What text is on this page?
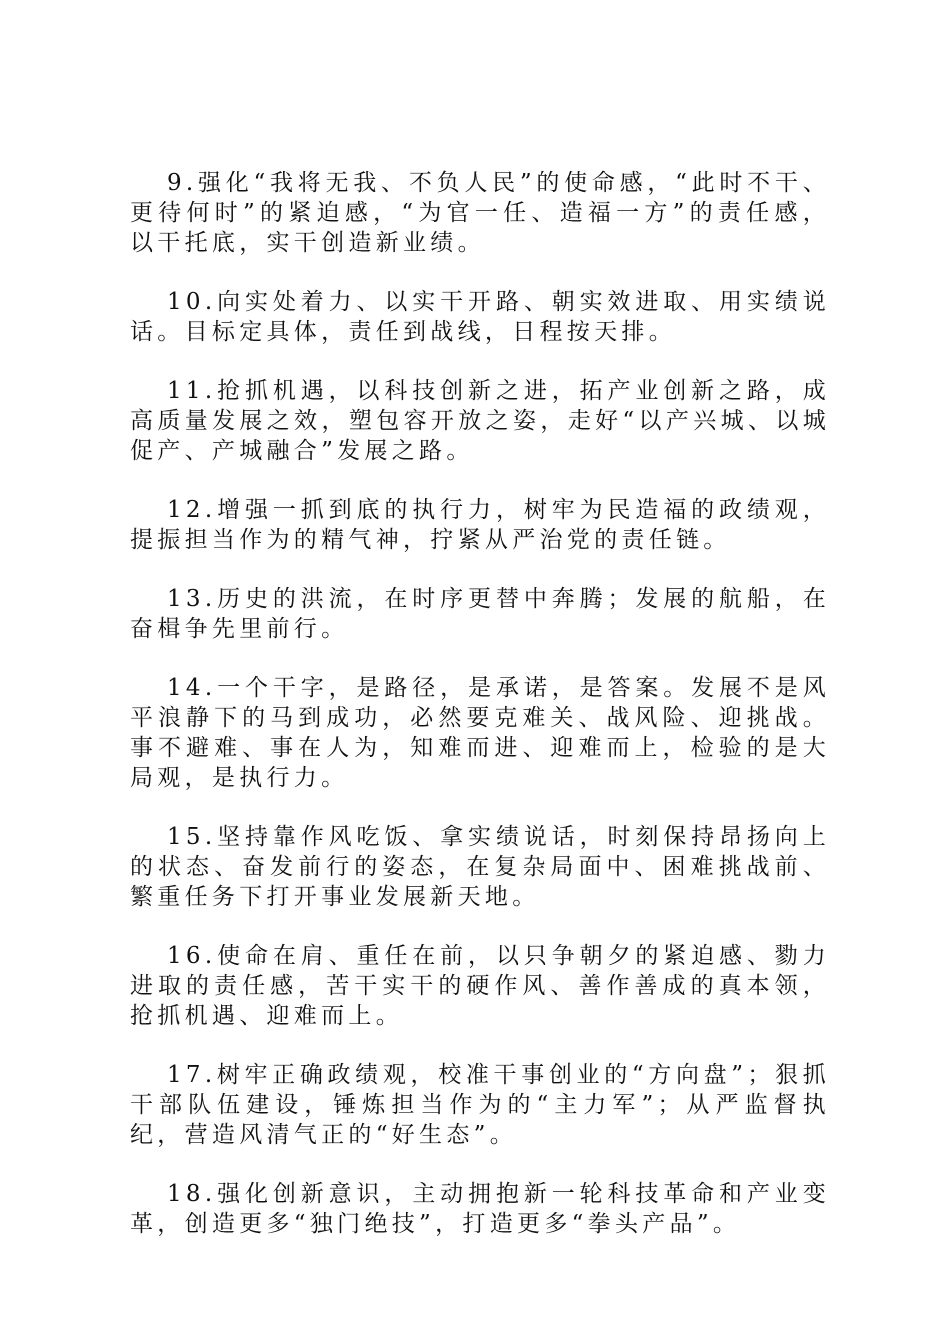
9.强化“我将无我、不负人民”的使命感，“此时不干、更待何时”的紧迫感，“为官一任、造福一方”的责任感，以干托底，实干创造新业绩。

10.向实处着力、以实干开路、朝实效进取、用实绩说话。目标定具体，责任到战线，日程按天排。

11.抢抓机遇，以科技创新之进，拓产业创新之路，成高质量发展之效，塑包容开放之姿，走好“以产兴城、以城促产、产城融合”发展之路。

12.增强一抓到底的执行力，树牢为民造福的政绩观，提振担当作为的精气神，拧紧从严治党的责任链。

13.历史的洪流，在时序更替中奔腾；发展的航船，在奋楫争先里前行。

14.一个干字，是路径，是承诺，是答案。发展不是风平浪静下的马到成功，必然要克难关、战风险、迎挑战。事不避难、事在人为，知难而进、迎难而上，检验的是大局观，是执行力。

15.坚持靠作风吃饭、拿实绩说话，时刻保持昂扬向上的状态、奋发前行的姿态，在复杂局面中、困难挑战前、繁重任务下打开事业发展新天地。

16.使命在肩、重任在前，以只争朝夕的紧迫感、勠力进取的责任感，苦干实干的硬作风、善作善成的真本领，抢抓机遇、迎难而上。

17.树牢正确政绩观，校准干事创业的“方向盘”；狠抓干部队伍建设，锤炼担当作为的“主力军”；从严监督执纪，营造风清气正的“好生态”。

18.强化创新意识，主动拥抱新一轮科技革命和产业变革，创造更多“独门绝技”，打造更多“拳头产品”。
